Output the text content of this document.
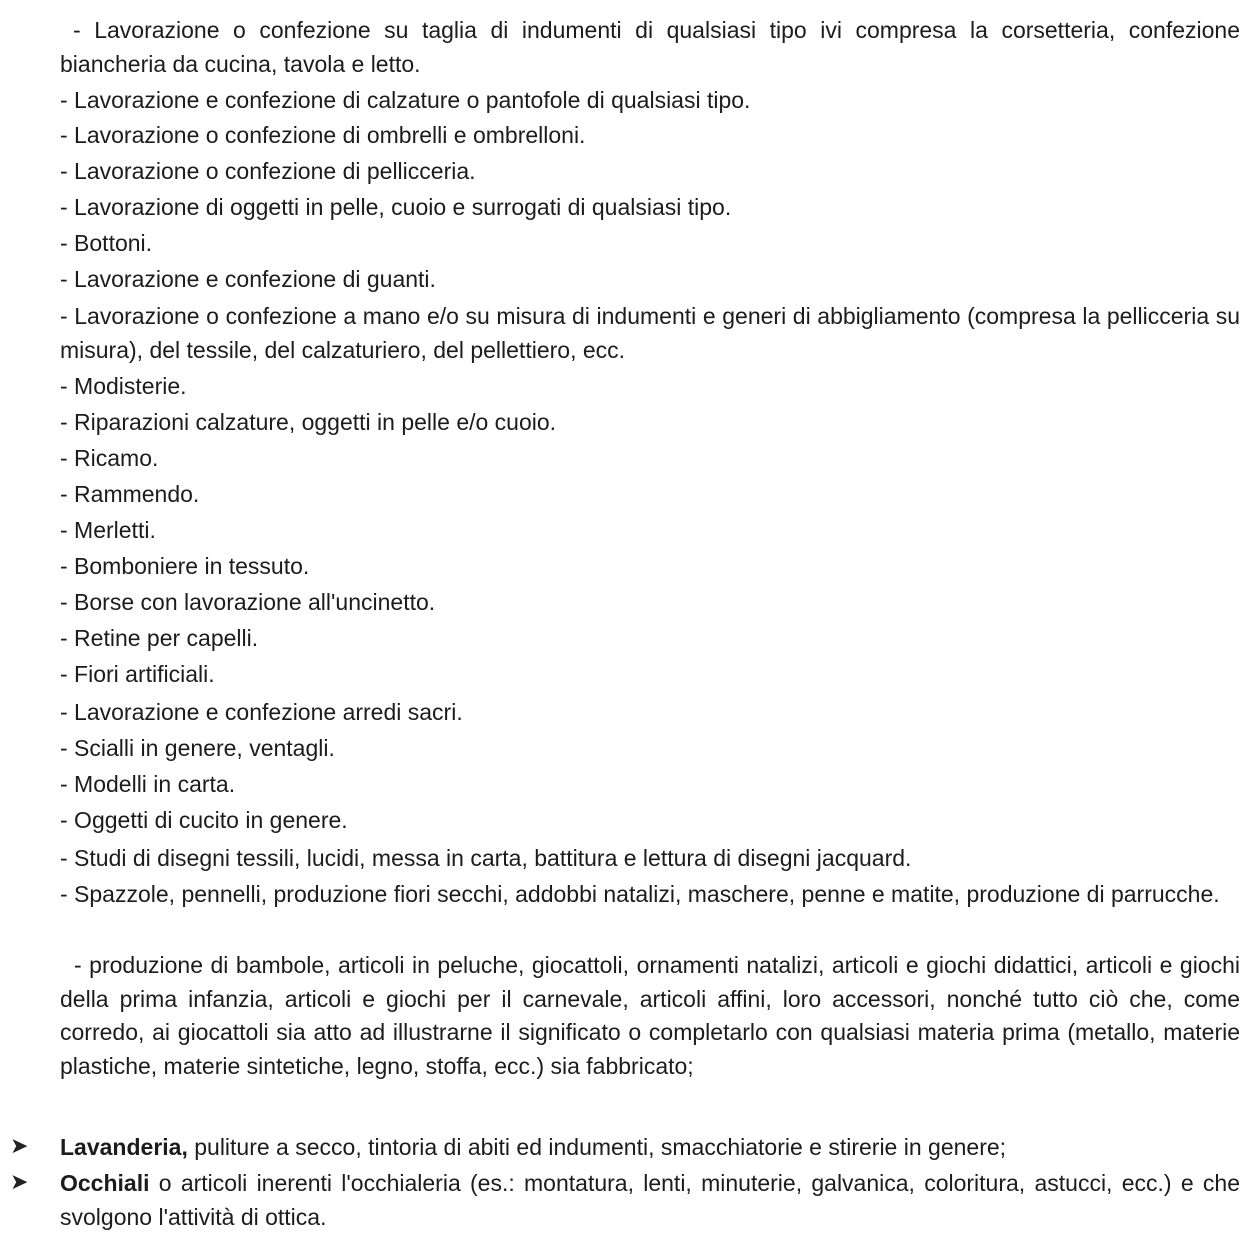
- Lavorazione o confezione su taglia di indumenti di qualsiasi tipo ivi compresa la corsetteria, confezione biancheria da cucina, tavola e letto.
- Lavorazione e confezione di calzature o pantofole di qualsiasi tipo.
- Lavorazione o confezione di ombrelli e ombrelloni.
- Lavorazione o confezione di pellicceria.
- Lavorazione di oggetti in pelle, cuoio e surrogati di qualsiasi tipo.
- Bottoni.
- Lavorazione e confezione di guanti.
- Lavorazione o confezione a mano e/o su misura di indumenti e generi di abbigliamento (compresa la pellicceria su misura), del tessile, del calzaturiero, del pellettiero, ecc.
- Modisterie.
- Riparazioni calzature, oggetti in pelle e/o cuoio.
- Ricamo.
- Rammendo.
- Merletti.
- Bomboniere in tessuto.
- Borse con lavorazione all'uncinetto.
- Retine per capelli.
- Fiori artificiali.
- Lavorazione e confezione arredi sacri.
- Scialli in genere, ventagli.
- Modelli in carta.
- Oggetti di cucito in genere.
- Studi di disegni tessili, lucidi, messa in carta, battitura e lettura di disegni jacquard.
- Spazzole, pennelli, produzione fiori secchi, addobbi natalizi, maschere, penne e matite, produzione di parrucche.
- produzione di bambole, articoli in peluche, giocattoli, ornamenti natalizi, articoli e giochi didattici, articoli e giochi della prima infanzia, articoli e giochi per il carnevale, articoli affini, loro accessori, nonché tutto ciò che, come corredo, ai giocattoli sia atto ad illustrarne il significato o completarlo con qualsiasi materia prima (metallo, materie plastiche, materie sintetiche, legno, stoffa, ecc.) sia fabbricato;
➤	Lavanderia, puliture a secco, tintoria di abiti ed indumenti, smacchiatorie e stirerie in genere;
➤	Occhiali o articoli inerenti l'occhialeria (es.: montatura, lenti, minuterie, galvanica, coloritura, astucci, ecc.) e che svolgono l'attività di ottica.
